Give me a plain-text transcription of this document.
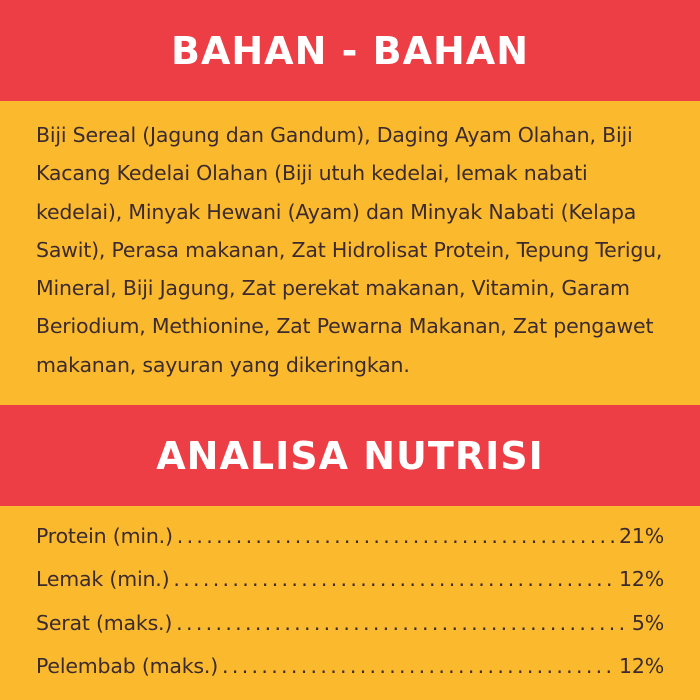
BAHAN - BAHAN

Biji Sereal (Jagung dan Gandum), Daging Ayam Olahan, Biji Kacang Kedelai Olahan (Biji utuh kedelai, lemak nabati kedelai), Minyak Hewani (Ayam) dan Minyak Nabati (Kelapa Sawit), Perasa makanan, Zat Hidrolisat Protein, Tepung Terigu, Mineral, Biji Jagung, Zat perekat makanan, Vitamin, Garam Beriodium, Methionine, Zat Pewarna Makanan, Zat pengawet makanan, sayuran yang dikeringkan.

ANALISA NUTRISI
Protein (min.) . . .	21%
Lemak (min.) . . .	12%
Serat (maks.) . . .	5%
Pelembab (maks.) . . .	12%
